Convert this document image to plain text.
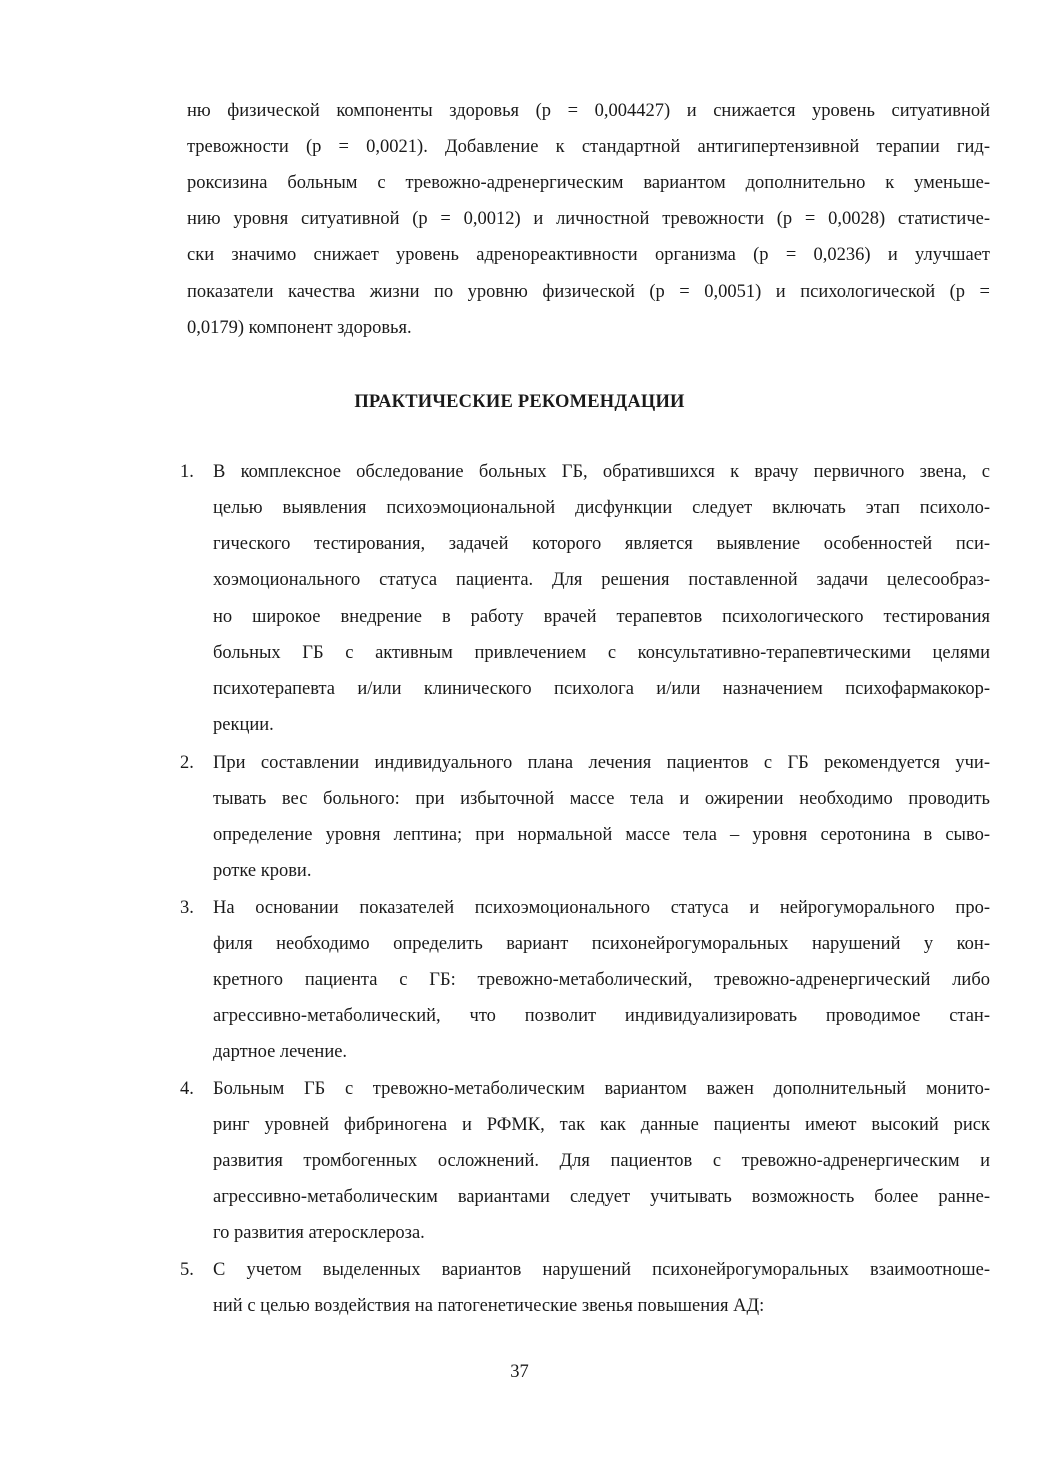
ню физической компоненты здоровья (p = 0,004427) и снижается уровень ситуативной
тревожности (p = 0,0021). Добавление к стандартной антигипертензивной терапии гид-
роксизина больным с тревожно-адренергическим вариантом дополнительно к уменьше-
нию уровня ситуативной (p = 0,0012) и личностной тревожности (p = 0,0028) статистиче-
ски значимо снижает уровень адренореактивности организма (p = 0,0236) и улучшает
показатели качества жизни по уровню физической (p = 0,0051) и психологической (p =
0,0179) компонент здоровья.
ПРАКТИЧЕСКИЕ РЕКОМЕНДАЦИИ
1. В комплексное обследование больных ГБ, обратившихся к врачу первичного звена, с
целью выявления психоэмоциональной дисфункции следует включать этап психоло-
гического тестирования, задачей которого является выявление особенностей пси-
хоэмоционального статуса пациента. Для решения поставленной задачи целесообраз-
но широкое внедрение в работу врачей терапевтов психологического тестирования
больных ГБ с активным привлечением с консультативно-терапевтическими целями
психотерапевта и/или клинического психолога и/или назначением психофармакокор-
рекции.
2. При составлении индивидуального плана лечения пациентов с ГБ рекомендуется учи-
тывать вес больного: при избыточной массе тела и ожирении необходимо проводить
определение уровня лептина; при нормальной массе тела – уровня серотонина в сыво-
ротке крови.
3. На основании показателей психоэмоционального статуса и нейрогуморального про-
филя необходимо определить вариант психонейрогуморальных нарушений у кон-
кретного пациента с ГБ: тревожно-метаболический, тревожно-адренергический либо
агрессивно-метаболический, что позволит индивидуализировать проводимое стан-
дартное лечение.
4. Больным ГБ с тревожно-метаболическим вариантом важен дополнительный монито-
ринг уровней фибриногена и РФМК, так как данные пациенты имеют высокий риск
развития тромбогенных осложнений. Для пациентов с тревожно-адренергическим и
агрессивно-метаболическим вариантами следует учитывать возможность более ранне-
го развития атеросклероза.
5. С учетом выделенных вариантов нарушений психонейрогуморальных взаимоотноше-
ний с целью воздействия на патогенетические звенья повышения АД:
37
